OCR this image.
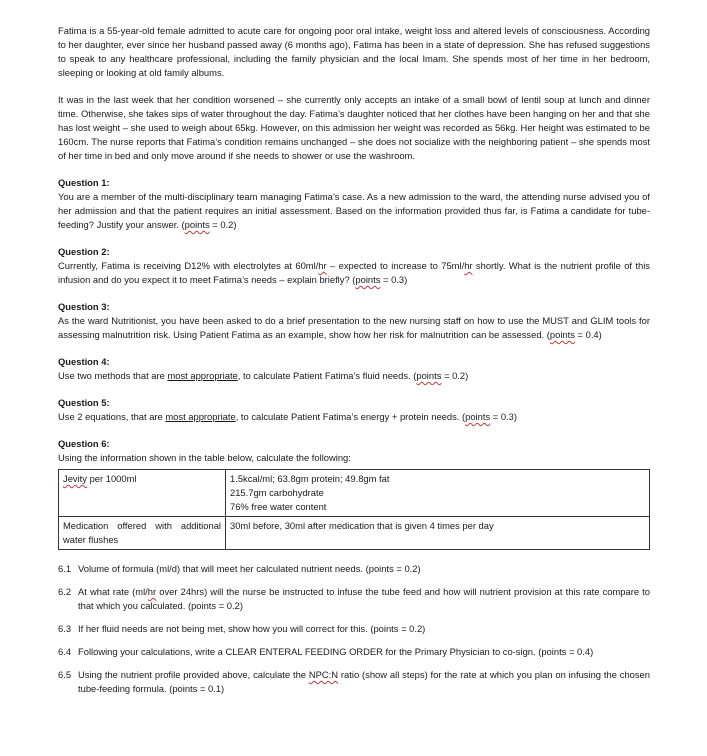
Fatima is a 55-year-old female admitted to acute care for ongoing poor oral intake, weight loss and altered levels of consciousness. According to her daughter, ever since her husband passed away (6 months ago), Fatima has been in a state of depression. She has refused suggestions to speak to any healthcare professional, including the family physician and the local Imam. She spends most of her time in her bedroom, sleeping or looking at old family albums.

It was in the last week that her condition worsened – she currently only accepts an intake of a small bowl of lentil soup at lunch and dinner time. Otherwise, she takes sips of water throughout the day. Fatima’s daughter noticed that her clothes have been hanging on her and that she has lost weight – she used to weigh about 65kg. However, on this admission her weight was recorded as 56kg. Her height was estimated to be 160cm. The nurse reports that Fatima’s condition remains unchanged – she does not socialize with the neighboring patient – she spends most of her time in bed and only move around if she needs to shower or use the washroom.

Question 1:

You are a member of the multi-disciplinary team managing Fatima’s case. As a new admission to the ward, the attending nurse advised you of her admission and that the patient requires an initial assessment. Based on the information provided thus far, is Fatima a candidate for tube-feeding? Justify your answer. (points = 0.2)

Question 2:

Currently, Fatima is receiving D12% with electrolytes at 60ml/hr – expected to increase to 75ml/hr shortly. What is the nutrient profile of this infusion and do you expect it to meet Fatima’s needs – explain briefly? (points = 0.3)

Question 3:

As the ward Nutritionist, you have been asked to do a brief presentation to the new nursing staff on how to use the MUST and GLIM tools for assessing malnutrition risk. Using Patient Fatima as an example, show how her risk for malnutrition can be assessed. (points = 0.4)

Question 4:

Use two methods that are most appropriate, to calculate Patient Fatima’s fluid needs. (points = 0.2)

Question 5:

Use 2 equations, that are most appropriate, to calculate Patient Fatima’s energy + protein needs. (points = 0.3)

Question 6:

Using the information shown in the table below, calculate the following:

Jevity per 1000ml	1.5kcal/ml; 63.8gm protein; 49.8gm fat
215.7gm carbohydrate
76% free water content

Medication offered with additional water flushes	30ml before, 30ml after medication that is given 4 times per day
6.1 Volume of formula (ml/d) that will meet her calculated nutrient needs. (points = 0.2)
6.2 At what rate (ml/hr over 24hrs) will the nurse be instructed to infuse the tube feed and how will nutrient provision at this rate compare to that which you calculated. (points = 0.2)
6.3 If her fluid needs are not being met, show how you will correct for this. (points = 0.2)
6.4 Following your calculations, write a CLEAR ENTERAL FEEDING ORDER for the Primary Physician to co-sign. (points = 0.4)
6.5 Using the nutrient profile provided above, calculate the NPC:N ratio (show all steps) for the rate at which you plan on infusing the chosen tube-feeding formula. (points = 0.1)
